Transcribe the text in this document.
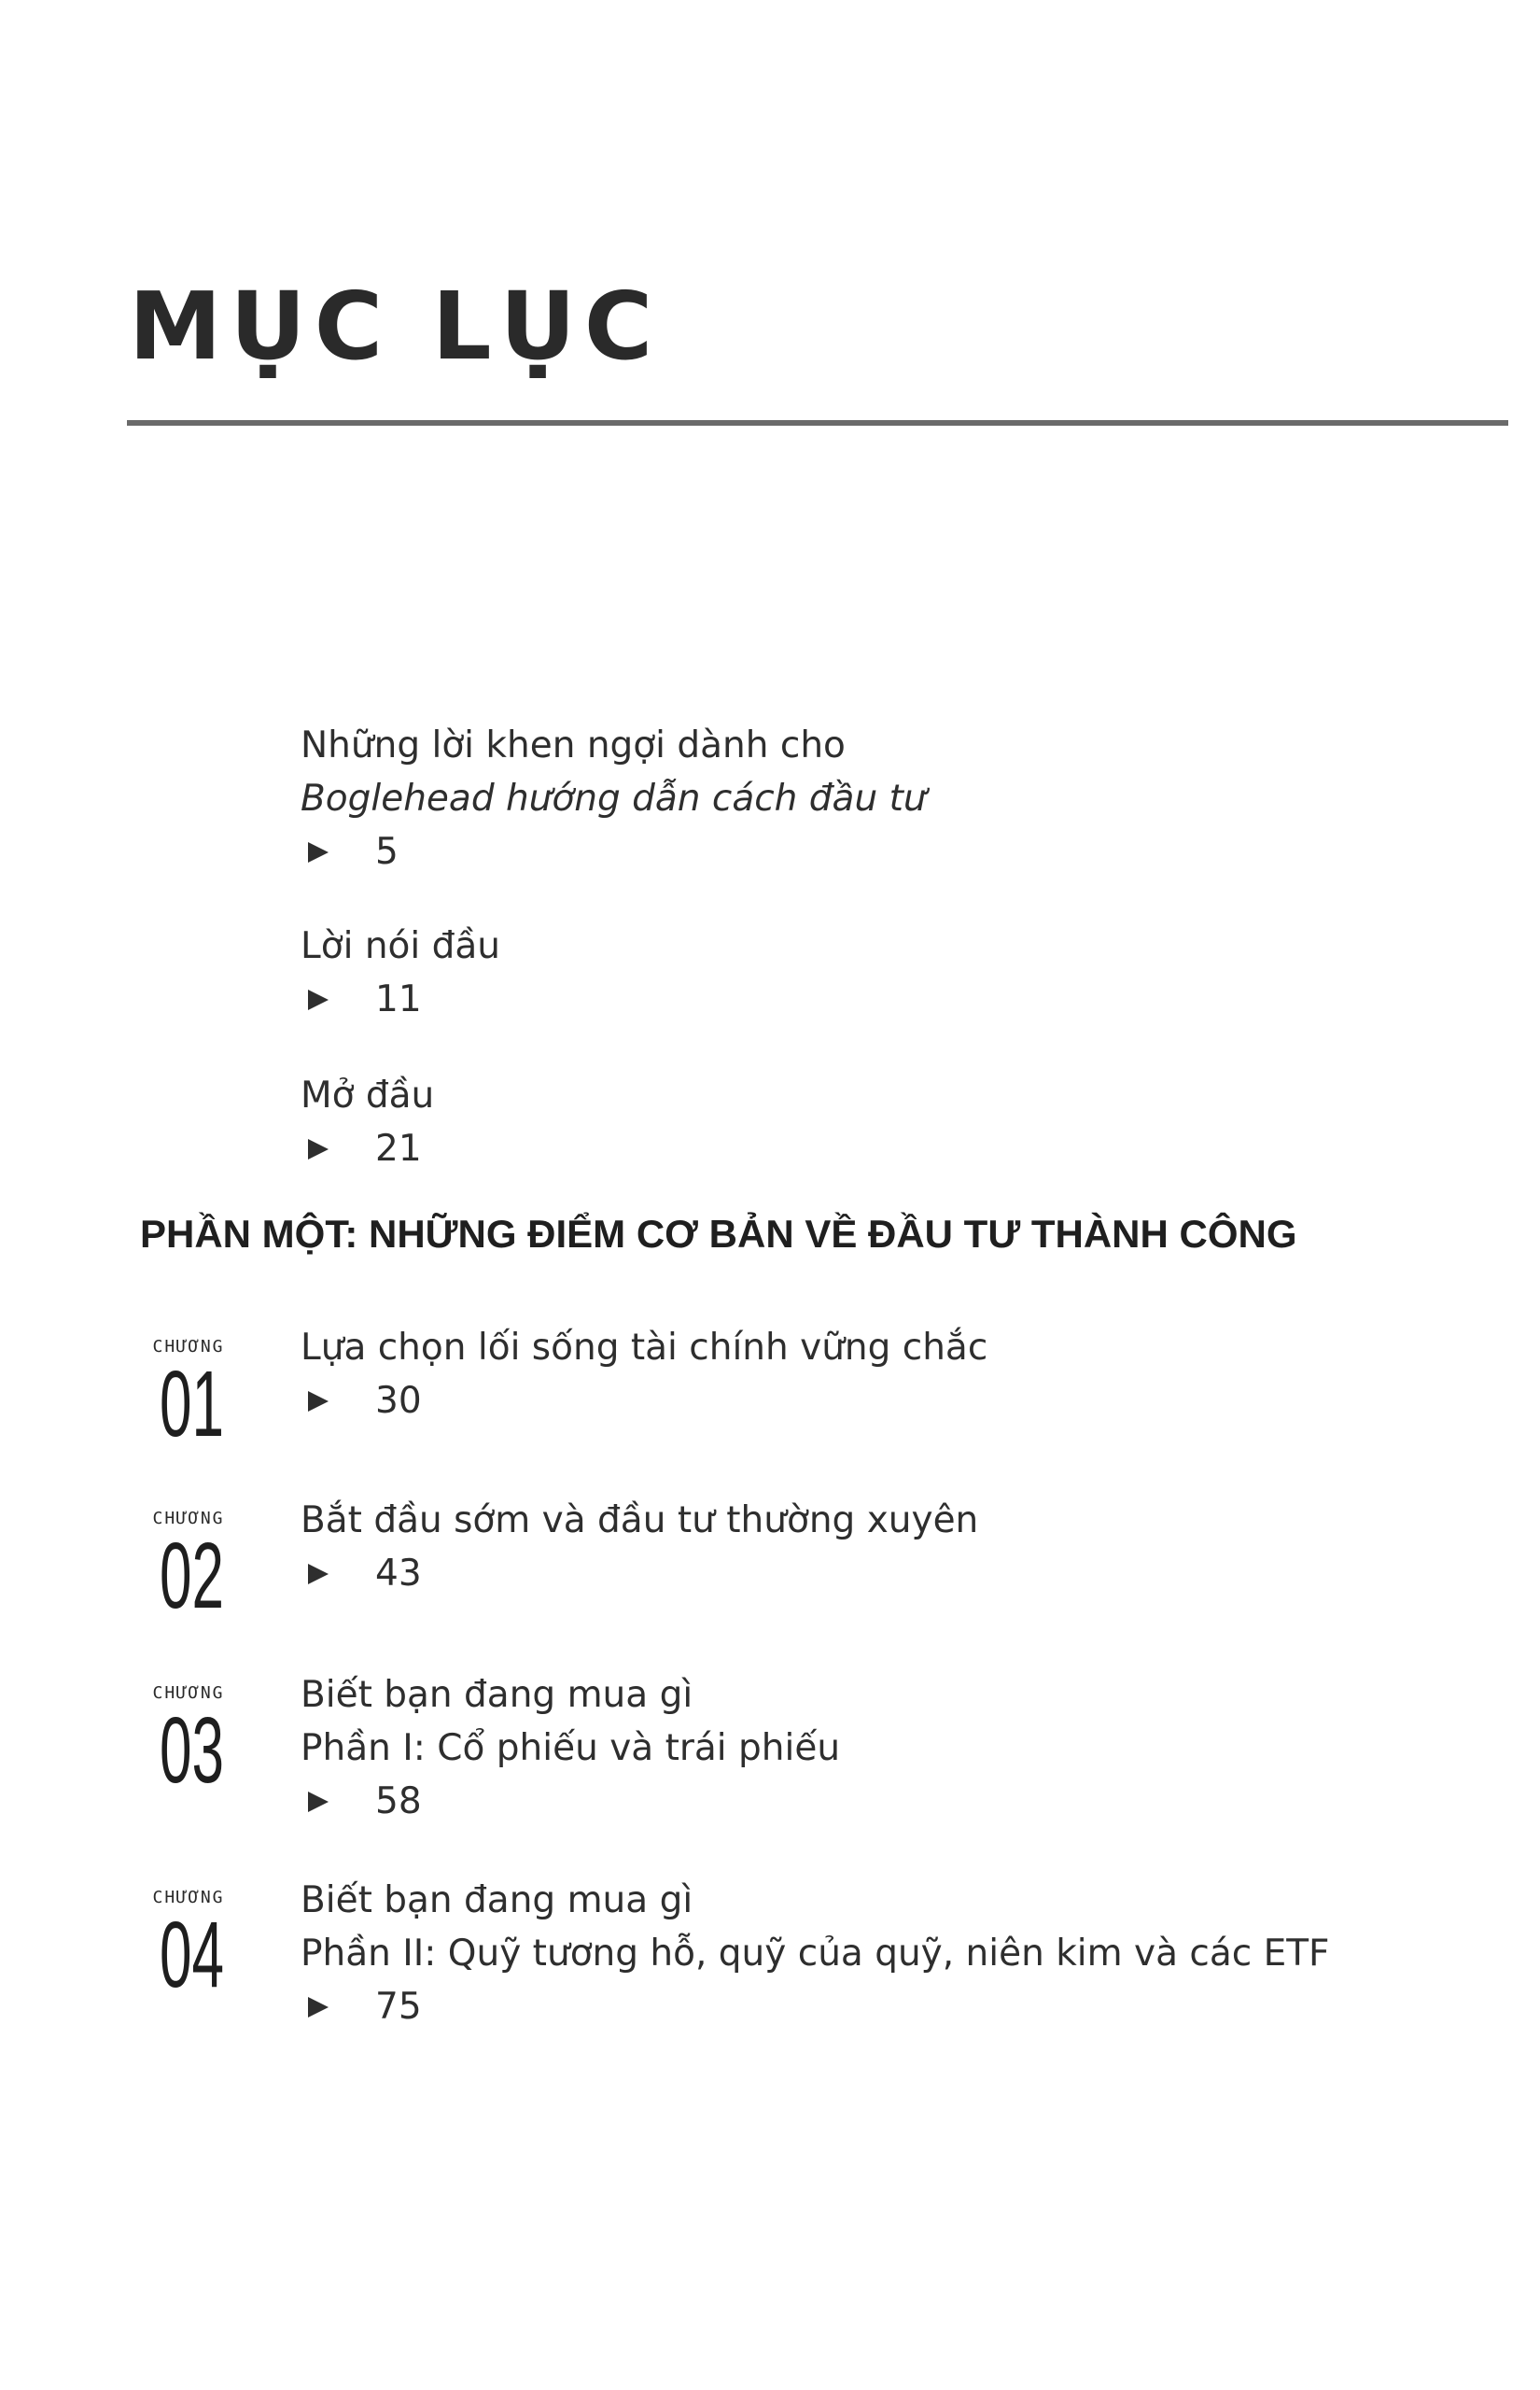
MỤC LỤC
Những lời khen ngợi dành cho
Boglehead hướng dẫn cách đầu tư
5
Lời nói đầu
11
Mở đầu
21
PHẦN MỘT: NHỮNG ĐIỂM CƠ BẢN VỀ ĐẦU TƯ THÀNH CÔNG
CHƯƠNG
01
Lựa chọn lối sống tài chính vững chắc
30
CHƯƠNG
02
Bắt đầu sớm và đầu tư thường xuyên
43
CHƯƠNG
03
Biết bạn đang mua gì
Phần I: Cổ phiếu và trái phiếu
58
CHƯƠNG
04
Biết bạn đang mua gì
Phần II: Quỹ tương hỗ, quỹ của quỹ, niên kim và các ETF
75
